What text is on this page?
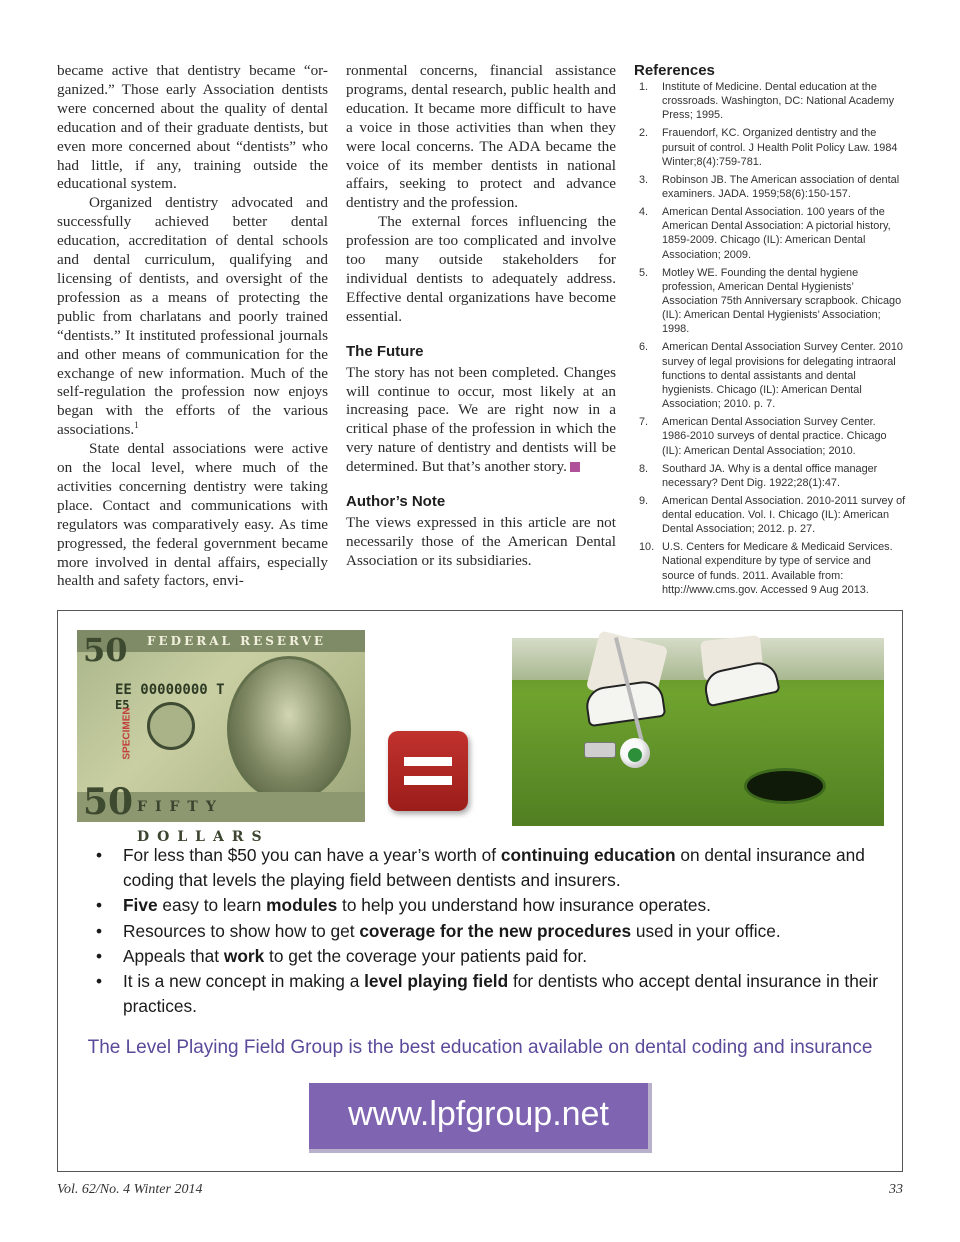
became active that dentistry became “or-ganized.” Those early Association dentists were concerned about the quality of dental education and of their graduate dentists, but even more concerned about “dentists” who had little, if any, training outside the educational system.

Organized dentistry advocated and successfully achieved better dental education, accreditation of dental schools and dental curriculum, qualifying and licensing of dentists, and oversight of the profession as a means of protecting the public from charlatans and poorly trained “dentists.” It instituted professional journals and other means of communication for the exchange of new information. Much of the self-regulation the profession now enjoys began with the efforts of the various associations.$^1$

State dental associations were active on the local level, where much of the activities concerning dentistry were taking place. Contact and communications with regulators was comparatively easy. As time progressed, the federal government became more involved in dental affairs, especially health and safety factors, envi-

ronmental concerns, financial assistance programs, dental research, public health and education. It became more difficult to have a voice in those activities than when they were local concerns. The ADA became the voice of its member dentists in national affairs, seeking to protect and advance dentistry and the profession.

The external forces influencing the profession are too complicated and involve too many outside stakeholders for individual dentists to adequately address. Effective dental organizations have become essential.

The Future

The story has not been completed. Changes will continue to occur, most likely at an increasing pace. We are right now in a critical phase of the profession in which the very nature of dentistry and dentists will be determined. But that’s another story.

Author’s Note

The views expressed in this article are not necessarily those of the American Dental Association or its subsidiaries.

References
1. Institute of Medicine. Dental education at the crossroads. Washington, DC: National Academy Press; 1995.
2. Frauendorf, KC. Organized dentistry and the pursuit of control. J Health Polit Policy Law. 1984 Winter;8(4):759-781.
3. Robinson JB. The American association of dental examiners. JADA. 1959;58(6):150-157.
4. American Dental Association. 100 years of the American Dental Association: A pictorial history, 1859-2009. Chicago (IL): American Dental Association; 2009.
5. Motley WE. Founding the dental hygiene profession, American Dental Hygienists’ Association 75th Anniversary scrapbook. Chicago (IL): American Dental Hygienists’ Association; 1998.
6. American Dental Association Survey Center. 2010 survey of legal provisions for delegating intraoral functions to dental assistants and dental hygienists. Chicago (IL): American Dental Association; 2010. p. 7.
7. American Dental Association Survey Center. 1986-2010 surveys of dental practice. Chicago (IL): American Dental Association; 2010.
8. Southard JA. Why is a dental office manager necessary? Dent Dig. 1922;28(1):47.
9. American Dental Association. 2010-2011 survey of dental education. Vol. I. Chicago (IL): American Dental Association; 2012. p. 27.
10. U.S. Centers for Medicare & Medicaid Services. National expenditure by type of service and source of funds. 2011. Available from: http://www.cms.gov. Accessed 9 Aug 2013.
FEDERAL RESERVE
50
EE 00000000 T
E5
SPECIMEN
FIFTY DOLLARS
50
• For less than $50 you can have a year’s worth of continuing education on dental insurance and coding that levels the playing field between dentists and insurers.
• Five easy to learn modules to help you understand how insurance operates.
• Resources to show how to get coverage for the new procedures used in your office.
• Appeals that work to get the coverage your patients paid for.
• It is a new concept in making a level playing field for dentists who accept dental insurance in their practices.
The Level Playing Field Group is the best education available on dental coding and insurance
www.lpfgroup.net
Vol. 62/No. 4 Winter 2014	33
